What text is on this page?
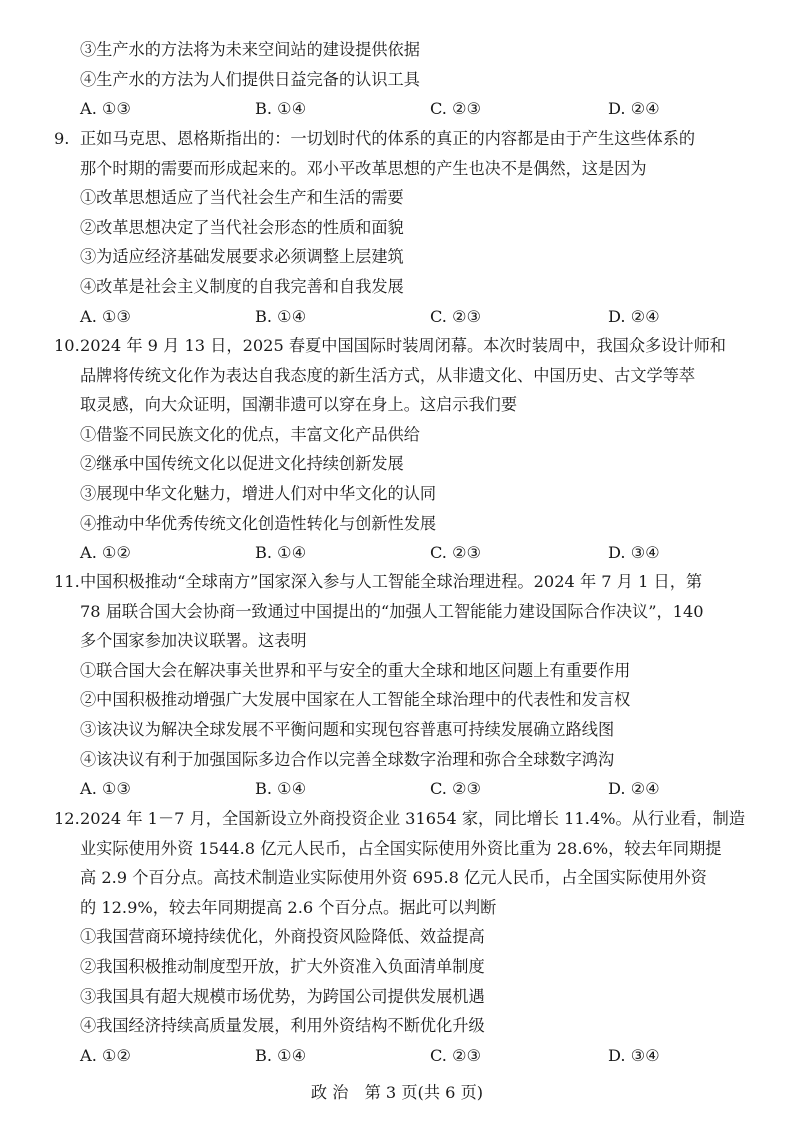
③生产水的方法将为未来空间站的建设提供依据
④生产水的方法为人们提供日益完备的认识工具
A. ①③	B. ①④	C. ②③	D. ②④
9. 正如马克思、恩格斯指出的：一切划时代的体系的真正的内容都是由于产生这些体系的
那个时期的需要而形成起来的。邓小平改革思想的产生也决不是偶然，这是因为
①改革思想适应了当代社会生产和生活的需要
②改革思想决定了当代社会形态的性质和面貌
③为适应经济基础发展要求必须调整上层建筑
④改革是社会主义制度的自我完善和自我发展
A. ①③	B. ①④	C. ②③	D. ②④
10.2024 年 9 月 13 日，2025 春夏中国国际时装周闭幕。本次时装周中，我国众多设计师和
品牌将传统文化作为表达自我态度的新生活方式，从非遗文化、中国历史、古文学等萃
取灵感，向大众证明，国潮非遗可以穿在身上。这启示我们要
①借鉴不同民族文化的优点，丰富文化产品供给
②继承中国传统文化以促进文化持续创新发展
③展现中华文化魅力，增进人们对中华文化的认同
④推动中华优秀传统文化创造性转化与创新性发展
A. ①②	B. ①④	C. ②③	D. ③④
11.中国积极推动“全球南方”国家深入参与人工智能全球治理进程。2024 年 7 月 1 日，第
78 届联合国大会协商一致通过中国提出的“加强人工智能能力建设国际合作决议”，140
多个国家参加决议联署。这表明
①联合国大会在解决事关世界和平与安全的重大全球和地区问题上有重要作用
②中国积极推动增强广大发展中国家在人工智能全球治理中的代表性和发言权
③该决议为解决全球发展不平衡问题和实现包容普惠可持续发展确立路线图
④该决议有利于加强国际多边合作以完善全球数字治理和弥合全球数字鸿沟
A. ①③	B. ①④	C. ②③	D. ②④
12.2024 年 1－7 月，全国新设立外商投资企业 31654 家，同比增长 11.4%。从行业看，制造
业实际使用外资 1544.8 亿元人民币，占全国实际使用外资比重为 28.6%，较去年同期提
高 2.9 个百分点。高技术制造业实际使用外资 695.8 亿元人民币，占全国实际使用外资
的 12.9%，较去年同期提高 2.6 个百分点。据此可以判断
①我国营商环境持续优化，外商投资风险降低、效益提高
②我国积极推动制度型开放，扩大外资准入负面清单制度
③我国具有超大规模市场优势，为跨国公司提供发展机遇
④我国经济持续高质量发展，利用外资结构不断优化升级
A. ①②	B. ①④	C. ②③	D. ③④
政 治　第 3 页(共 6 页)
